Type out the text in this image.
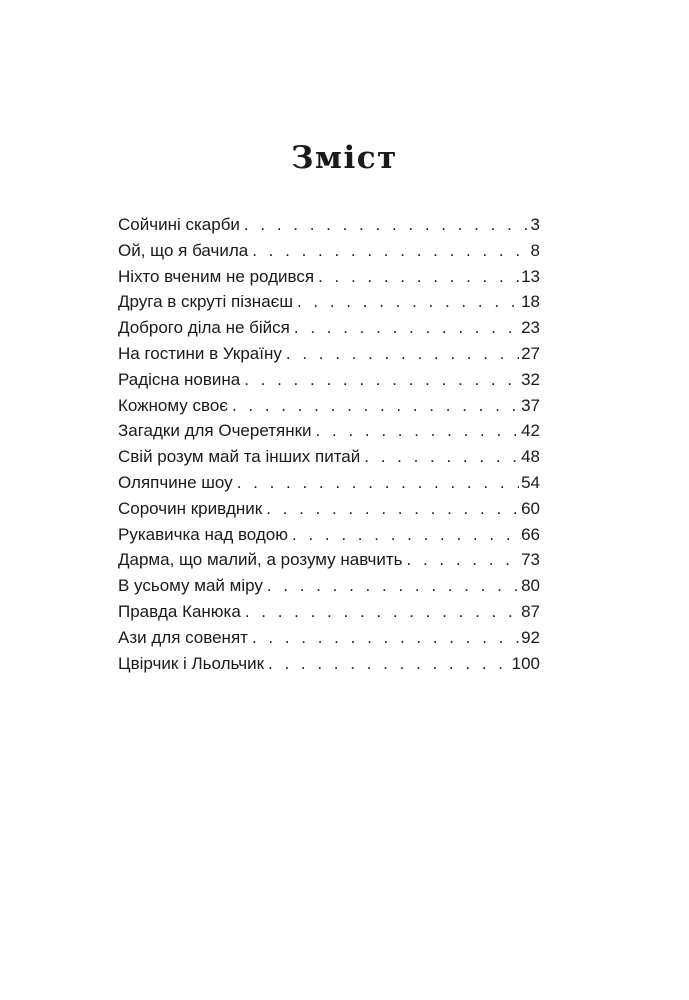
Зміст
Сойчині скарби . . .	3
Ой, що я бачила . . .	8
Ніхто вченим не родився . . .	13
Друга в скруті пізнаєш . . .	18
Доброго діла не бійся . . .	23
На гостини в Україну . . .	27
Радісна новина . . .	32
Кожному своє . . .	37
Загадки для Очеретянки . . .	42
Свій розум май та інших питай . . .	48
Оляпчине шоу . . .	54
Сорочин кривдник . . .	60
Рукавичка над водою . . .	66
Дарма, що малий, а розуму навчить . . .	73
В усьому май міру . . .	80
Правда Канюка . . .	87
Ази для совенят . . .	92
Цвірчик і Льольчик . . .	100
